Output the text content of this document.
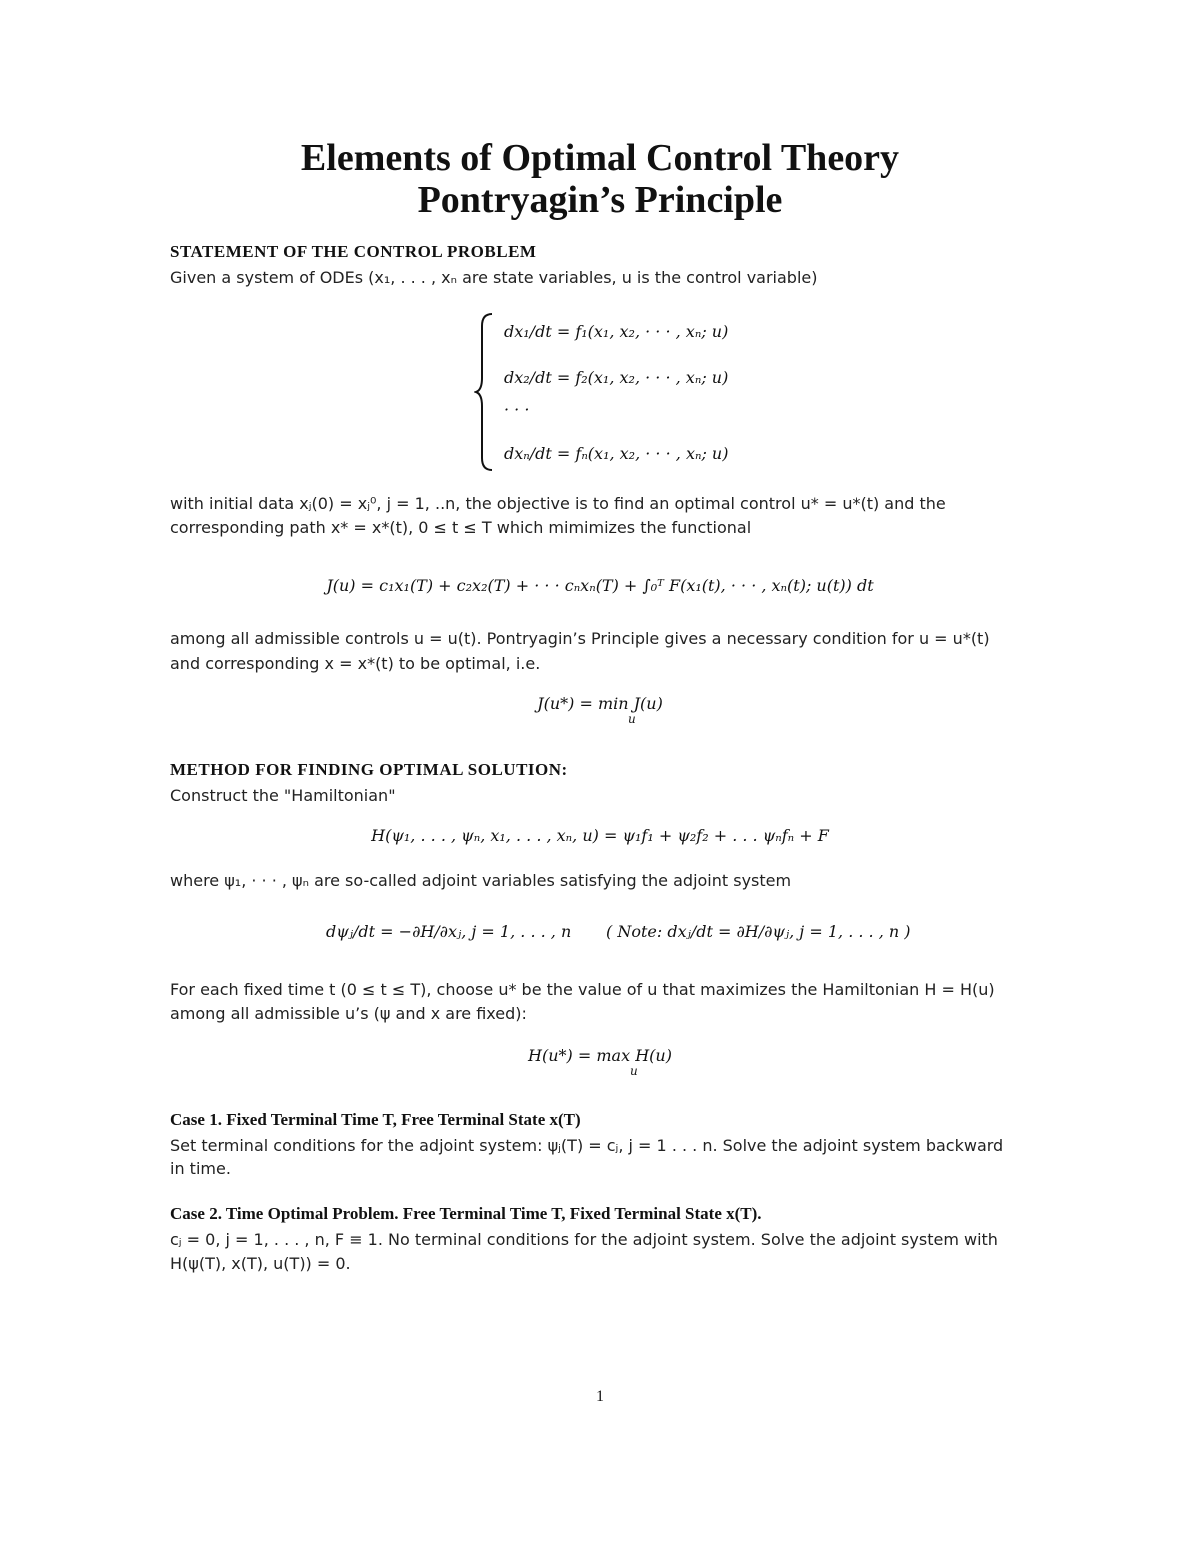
Elements of Optimal Control Theory
Pontryagin’s Principle
STATEMENT OF THE CONTROL PROBLEM
Given a system of ODEs (x₁, . . . , xₙ are state variables, u is the control variable)
dx₁/dt = f₁(x₁, x₂, · · · , xₙ; u)
dx₂/dt = f₂(x₁, x₂, · · · , xₙ; u)
· · ·
dxₙ/dt = fₙ(x₁, x₂, · · · , xₙ; u)
with initial data xⱼ(0) = xⱼ⁰, j = 1, ..n, the objective is to find an optimal control u* = u*(t) and the
corresponding path x* = x*(t), 0 ≤ t ≤ T which mimimizes the functional
J(u) = c₁x₁(T) + c₂x₂(T) + · · · cₙxₙ(T) + ∫₀ᵀ F(x₁(t), · · · , xₙ(t); u(t)) dt
among all admissible controls u = u(t). Pontryagin’s Principle gives a necessary condition for u = u*(t)
and corresponding x = x*(t) to be optimal, i.e.
J(u*) = min J(u)
u
METHOD FOR FINDING OPTIMAL SOLUTION:
Construct the "Hamiltonian"
H(ψ₁, . . . , ψₙ, x₁, . . . , xₙ, u) = ψ₁f₁ + ψ₂f₂ + . . . ψₙfₙ + F
where ψ₁, · · · , ψₙ are so-called adjoint variables satisfying the adjoint system
dψⱼ/dt = −∂H/∂xⱼ, j = 1, . . . , n ( Note: dxⱼ/dt = ∂H/∂ψⱼ, j = 1, . . . , n )
For each fixed time t (0 ≤ t ≤ T), choose u* be the value of u that maximizes the Hamiltonian H = H(u)
among all admissible u’s (ψ and x are fixed):
H(u*) = max H(u)
u
Case 1. Fixed Terminal Time T, Free Terminal State x(T)
Set terminal conditions for the adjoint system: ψⱼ(T) = cⱼ, j = 1 . . . n. Solve the adjoint system backward
in time.
Case 2. Time Optimal Problem. Free Terminal Time T, Fixed Terminal State x(T).
cⱼ = 0, j = 1, . . . , n, F ≡ 1. No terminal conditions for the adjoint system. Solve the adjoint system with
H(ψ(T), x(T), u(T)) = 0.
1
